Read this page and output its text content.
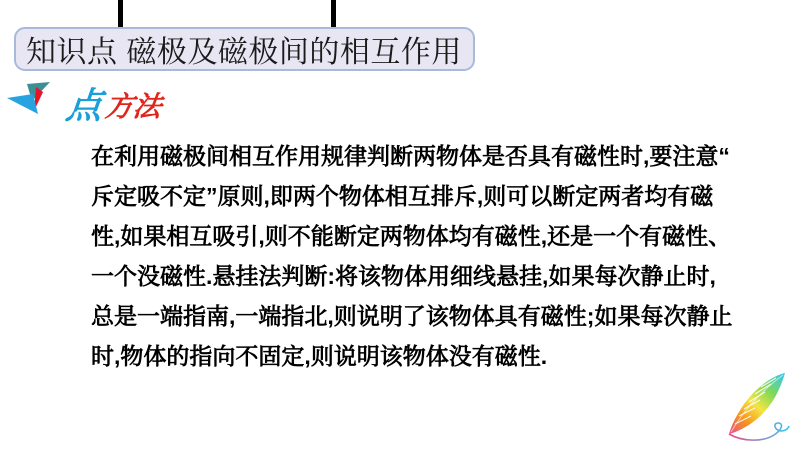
知识点 磁极及磁极间的相互作用
点
方法
在利用磁极间相互作用规律判断两物体是否具有磁性时,要注意“
斥定吸不定”原则,即两个物体相互排斥,则可以断定两者均有磁
性,如果相互吸引,则不能断定两物体均有磁性,还是一个有磁性、
一个没磁性.悬挂法判断:将该物体用细线悬挂,如果每次静止时,
总是一端指南,一端指北,则说明了该物体具有磁性;如果每次静止
时,物体的指向不固定,则说明该物体没有磁性.
